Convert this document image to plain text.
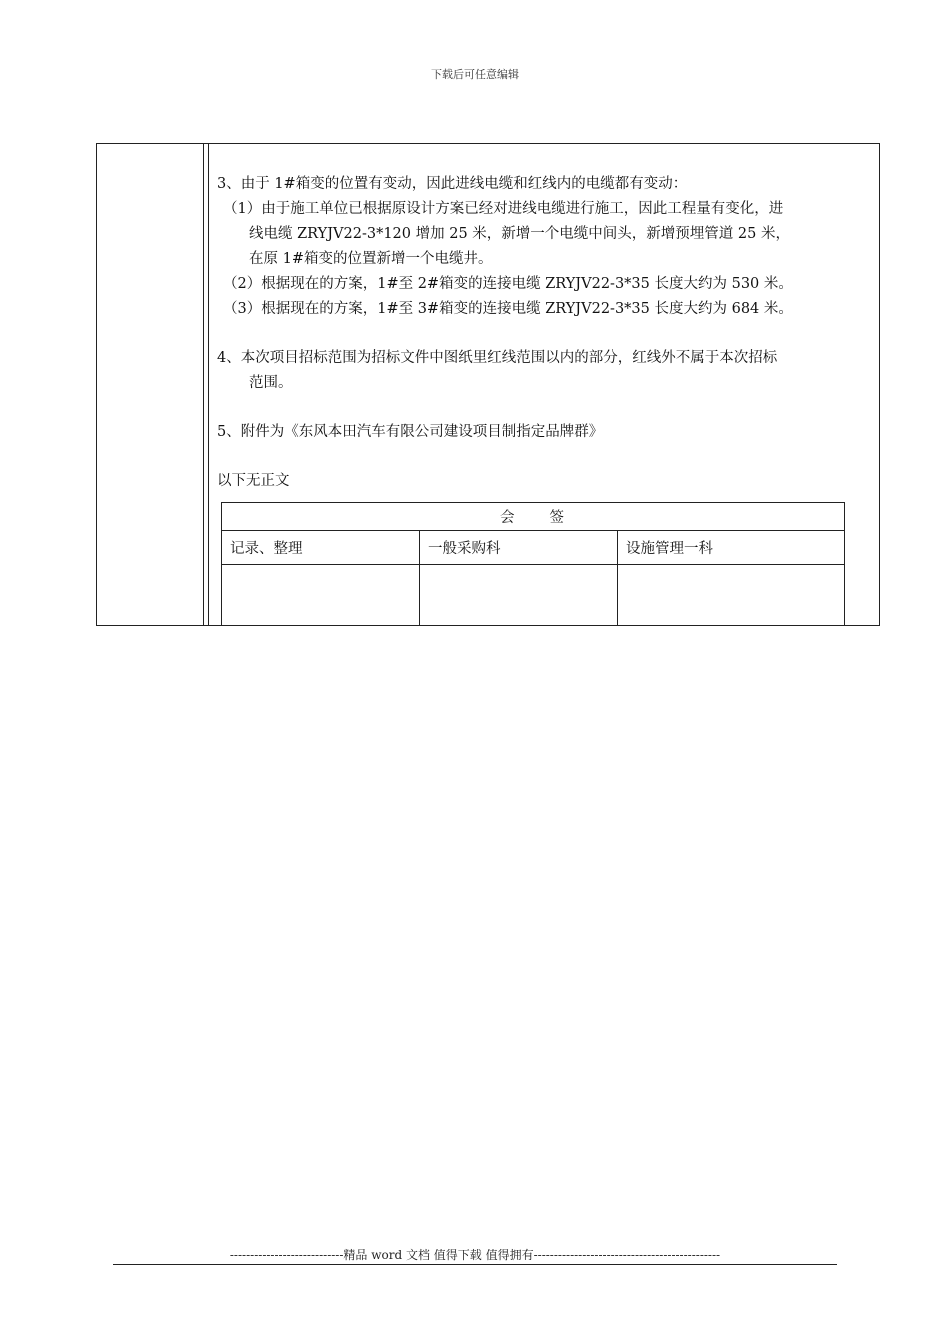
下载后可任意编辑
3、由于 1#箱变的位置有变动，因此进线电缆和红线内的电缆都有变动：
（1）由于施工单位已根据原设计方案已经对进线电缆进行施工，因此工程量有变化，进
线电缆 ZRYJV22-3*120 增加 25 米，新增一个电缆中间头，新增预埋管道 25 米，
在原 1#箱变的位置新增一个电缆井。
（2）根据现在的方案，1#至 2#箱变的连接电缆 ZRYJV22-3*35 长度大约为 530 米。
（3）根据现在的方案，1#至 3#箱变的连接电缆 ZRYJV22-3*35 长度大约为 684 米。
4、本次项目招标范围为招标文件中图纸里红线范围以内的部分，红线外不属于本次招标
范围。
5、附件为《东风本田汽车有限公司建设项目制指定品牌群》
以下无正文
会　　签		
记录、整理	一般采购科	设施管理一科

----------------------------精品 word 文档 值得下载 值得拥有----------------------------------------------
